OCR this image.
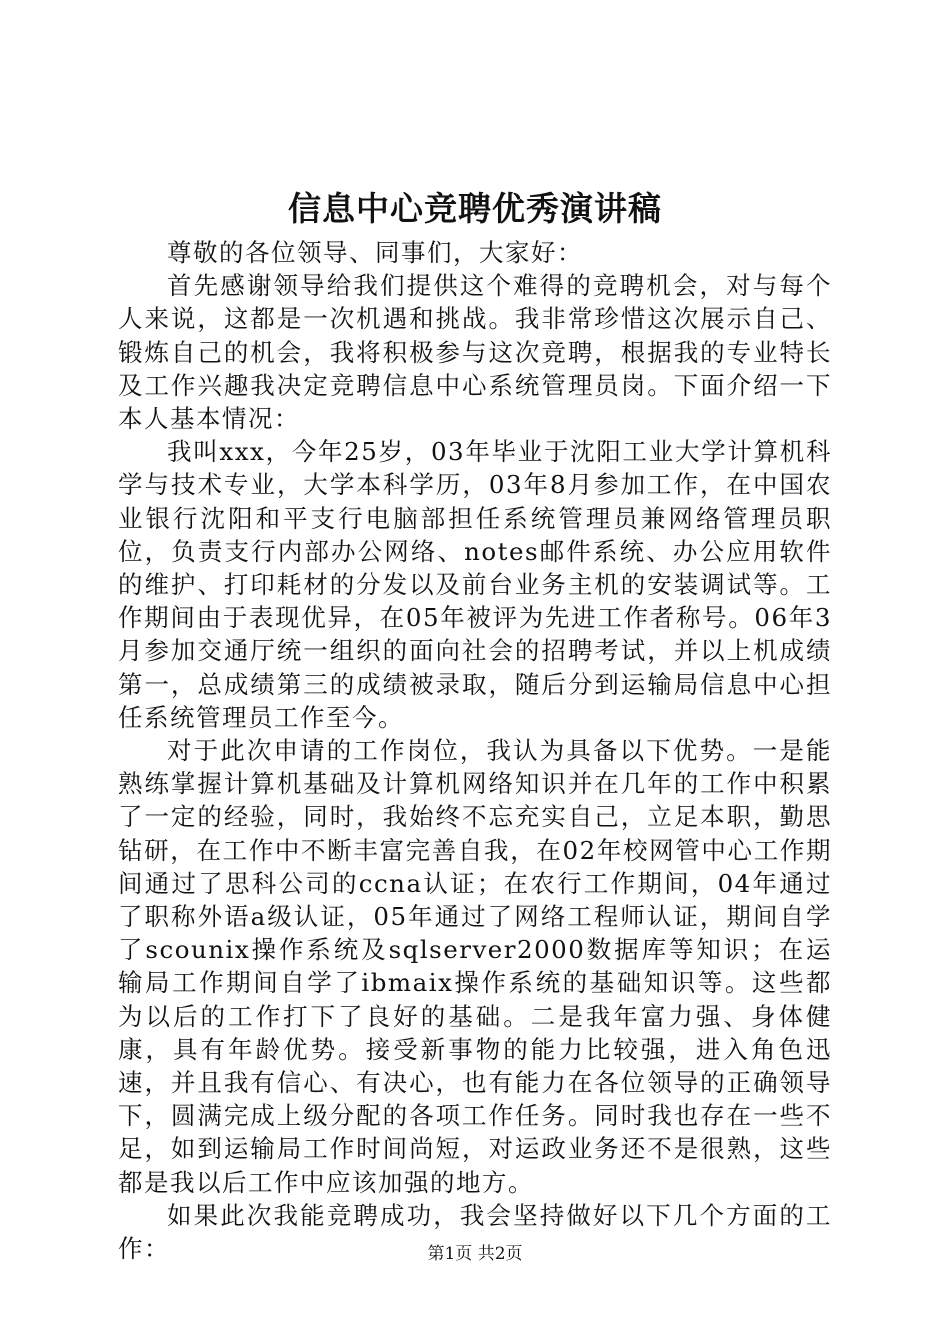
信息中心竞聘优秀演讲稿

尊敬的各位领导、同事们，大家好：

首先感谢领导给我们提供这个难得的竞聘机会，对与每个人来说，这都是一次机遇和挑战。我非常珍惜这次展示自己、锻炼自己的机会，我将积极参与这次竞聘，根据我的专业特长及工作兴趣我决定竞聘信息中心系统管理员岗。下面介绍一下本人基本情况：

我叫xxx，今年25岁，03年毕业于沈阳工业大学计算机科学与技术专业，大学本科学历，03年8月参加工作，在中国农业银行沈阳和平支行电脑部担任系统管理员兼网络管理员职位，负责支行内部办公网络、notes邮件系统、办公应用软件的维护、打印耗材的分发以及前台业务主机的安装调试等。工作期间由于表现优异，在05年被评为先进工作者称号。06年3月参加交通厅统一组织的面向社会的招聘考试，并以上机成绩第一，总成绩第三的成绩被录取，随后分到运输局信息中心担任系统管理员工作至今。

对于此次申请的工作岗位，我认为具备以下优势。一是能熟练掌握计算机基础及计算机网络知识并在几年的工作中积累了一定的经验，同时，我始终不忘充实自己，立足本职，勤思钻研，在工作中不断丰富完善自我，在02年校网管中心工作期间通过了思科公司的ccna认证；在农行工作期间，04年通过了职称外语a级认证，05年通过了网络工程师认证，期间自学了scounix操作系统及sqlserver2000数据库等知识；在运输局工作期间自学了ibmaix操作系统的基础知识等。这些都为以后的工作打下了良好的基础。二是我年富力强、身体健康，具有年龄优势。接受新事物的能力比较强，进入角色迅速，并且我有信心、有决心，也有能力在各位领导的正确领导下，圆满完成上级分配的各项工作任务。同时我也存在一些不足，如到运输局工作时间尚短，对运政业务还不是很熟，这些都是我以后工作中应该加强的地方。

如果此次我能竞聘成功，我会坚持做好以下几个方面的工作：	第1页 共2页
